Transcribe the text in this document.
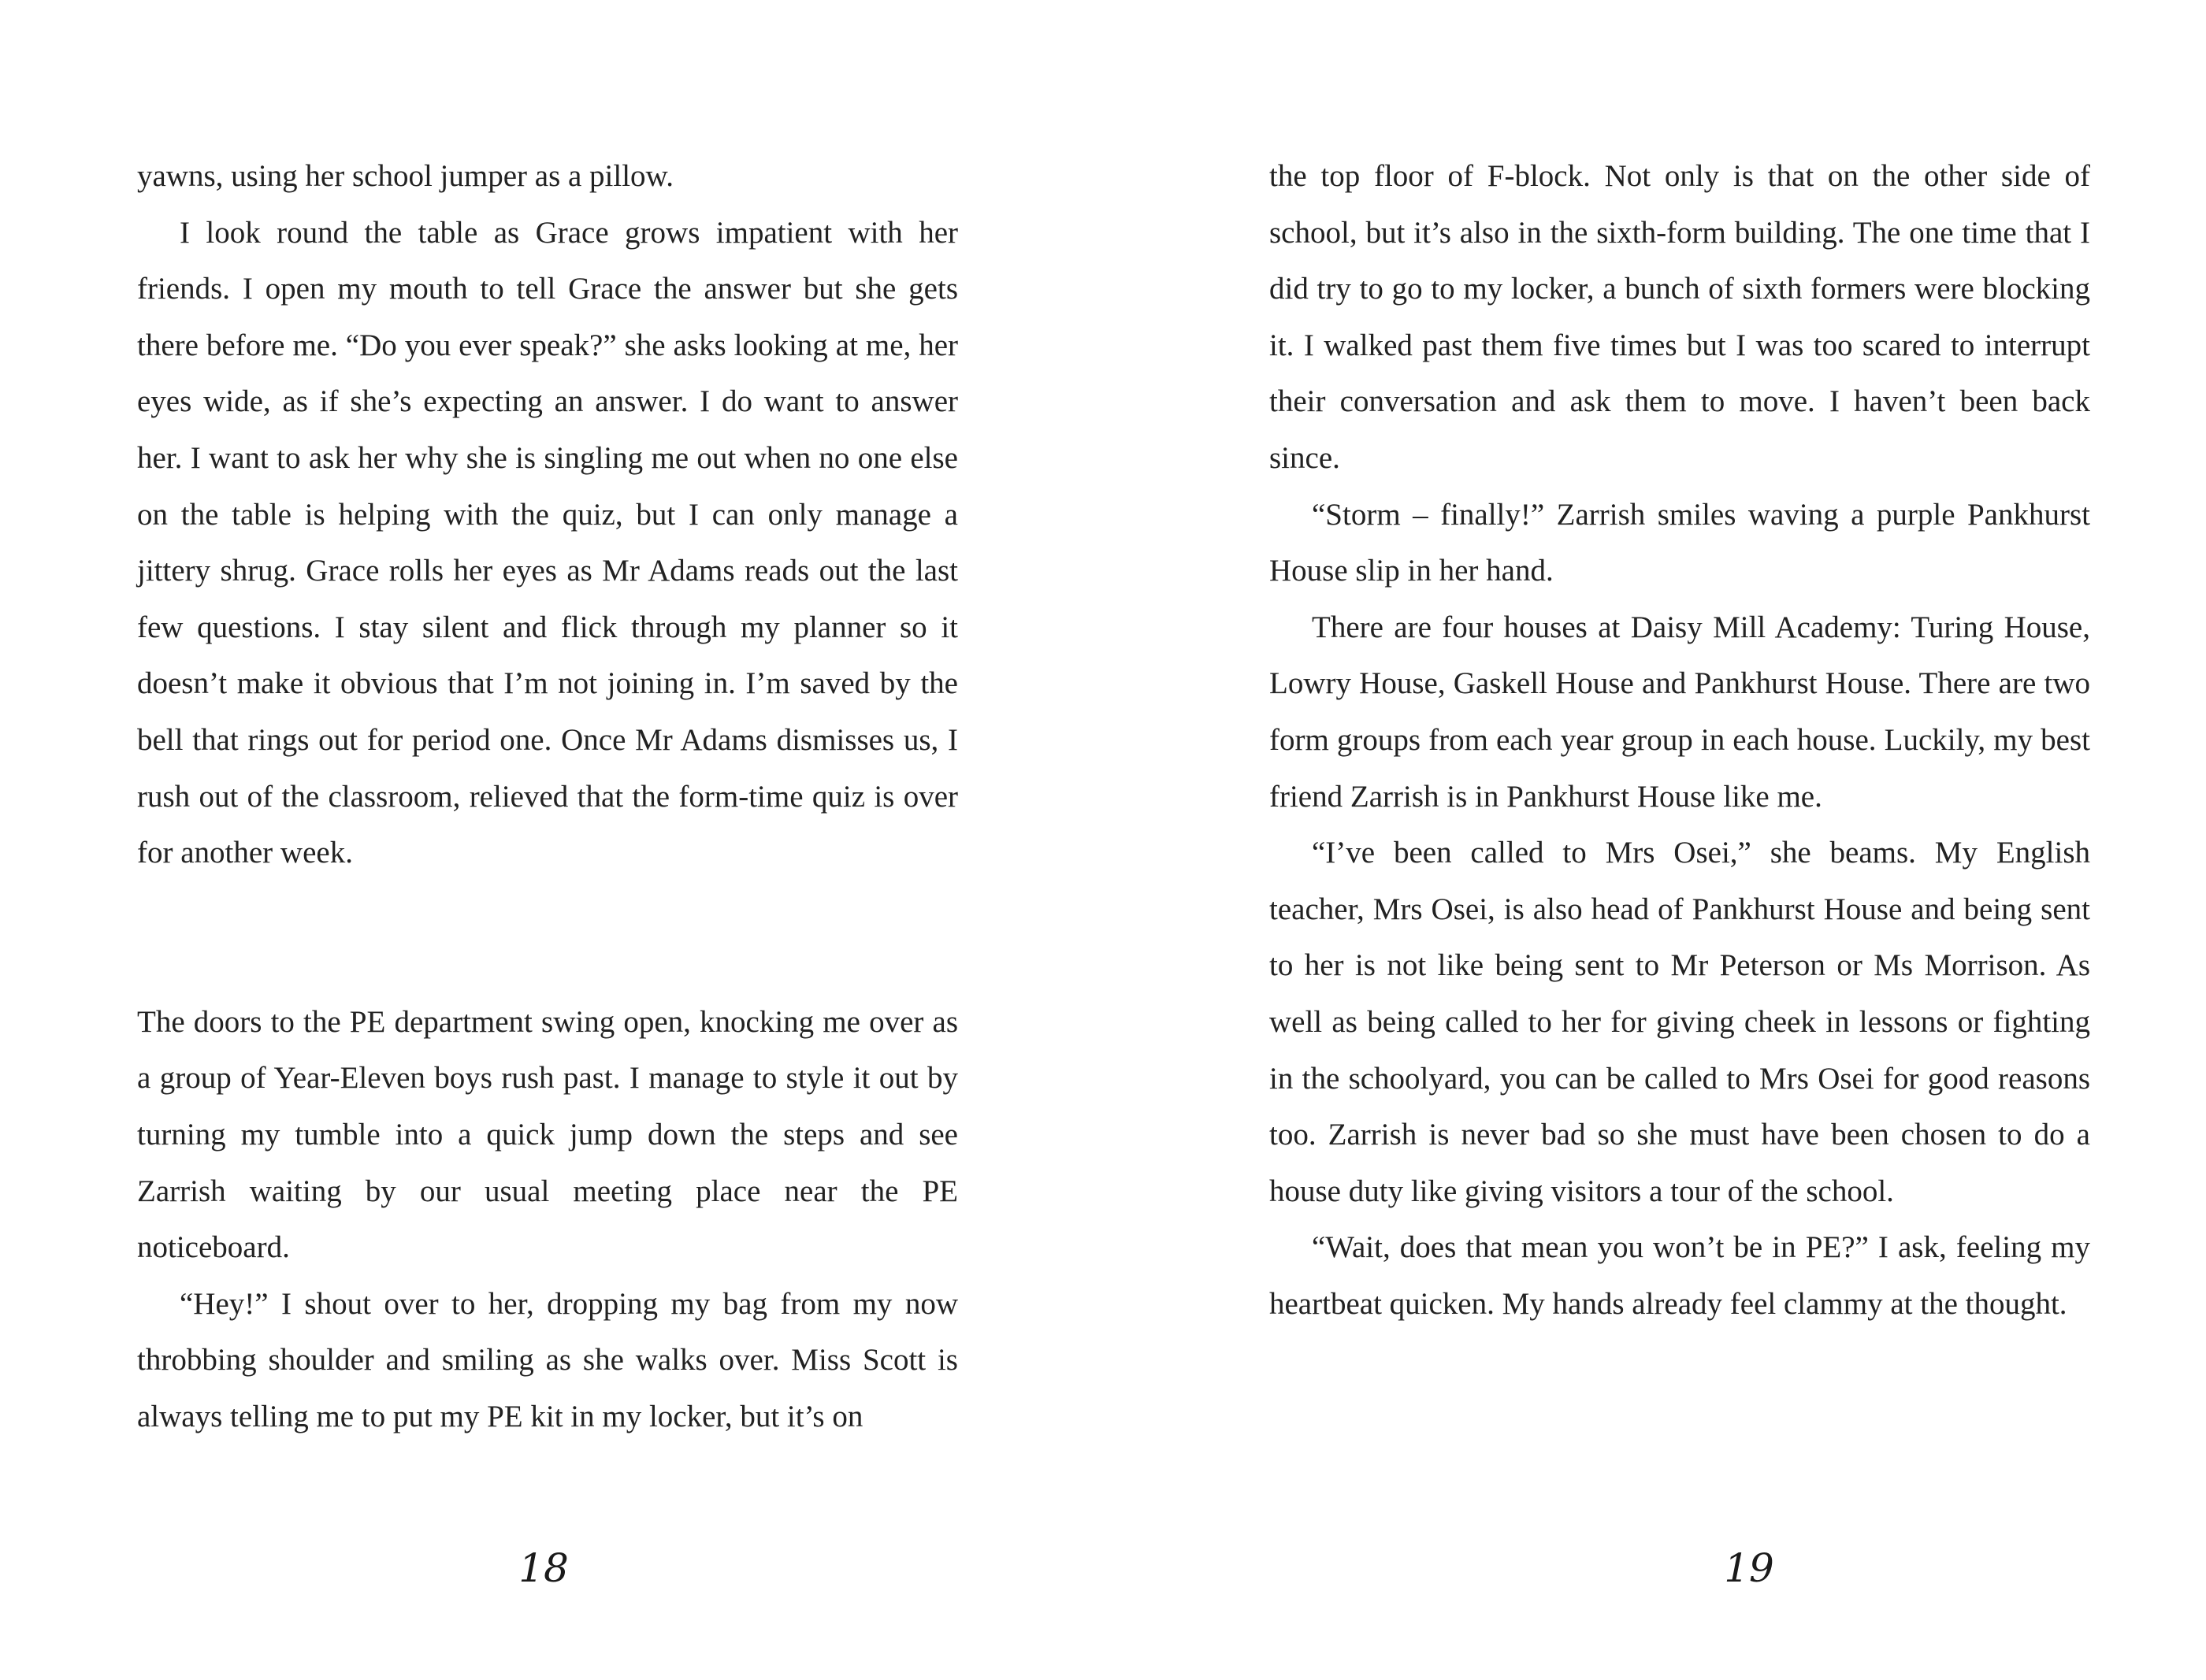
yawns, using her school jumper as a pillow.

I look round the table as Grace grows impatient with her friends. I open my mouth to tell Grace the answer but she gets there before me. “Do you ever speak?” she asks looking at me, her eyes wide, as if she’s expecting an answer. I do want to answer her. I want to ask her why she is singling me out when no one else on the table is helping with the quiz, but I can only manage a jittery shrug. Grace rolls her eyes as Mr Adams reads out the last few questions. I stay silent and flick through my planner so it doesn’t make it obvious that I’m not joining in. I’m saved by the bell that rings out for period one. Once Mr Adams dismisses us, I rush out of the classroom, relieved that the form-time quiz is over for another week.

The doors to the PE department swing open, knocking me over as a group of Year-Eleven boys rush past. I manage to style it out by turning my tumble into a quick jump down the steps and see Zarrish waiting by our usual meeting place near the PE noticeboard.

“Hey!” I shout over to her, dropping my bag from my now throbbing shoulder and smiling as she walks over. Miss Scott is always telling me to put my PE kit in my locker, but it’s on

18

the top floor of F-block. Not only is that on the other side of school, but it’s also in the sixth-form building. The one time that I did try to go to my locker, a bunch of sixth formers were blocking it. I walked past them five times but I was too scared to interrupt their conversation and ask them to move. I haven’t been back since.

“Storm – finally!” Zarrish smiles waving a purple Pankhurst House slip in her hand.

There are four houses at Daisy Mill Academy: Turing House, Lowry House, Gaskell House and Pankhurst House. There are two form groups from each year group in each house. Luckily, my best friend Zarrish is in Pankhurst House like me.

“I’ve been called to Mrs Osei,” she beams. My English teacher, Mrs Osei, is also head of Pankhurst House and being sent to her is not like being sent to Mr Peterson or Ms Morrison. As well as being called to her for giving cheek in lessons or fighting in the schoolyard, you can be called to Mrs Osei for good reasons too. Zarrish is never bad so she must have been chosen to do a house duty like giving visitors a tour of the school.

“Wait, does that mean you won’t be in PE?” I ask, feeling my heartbeat quicken. My hands already feel clammy at the thought.

19
